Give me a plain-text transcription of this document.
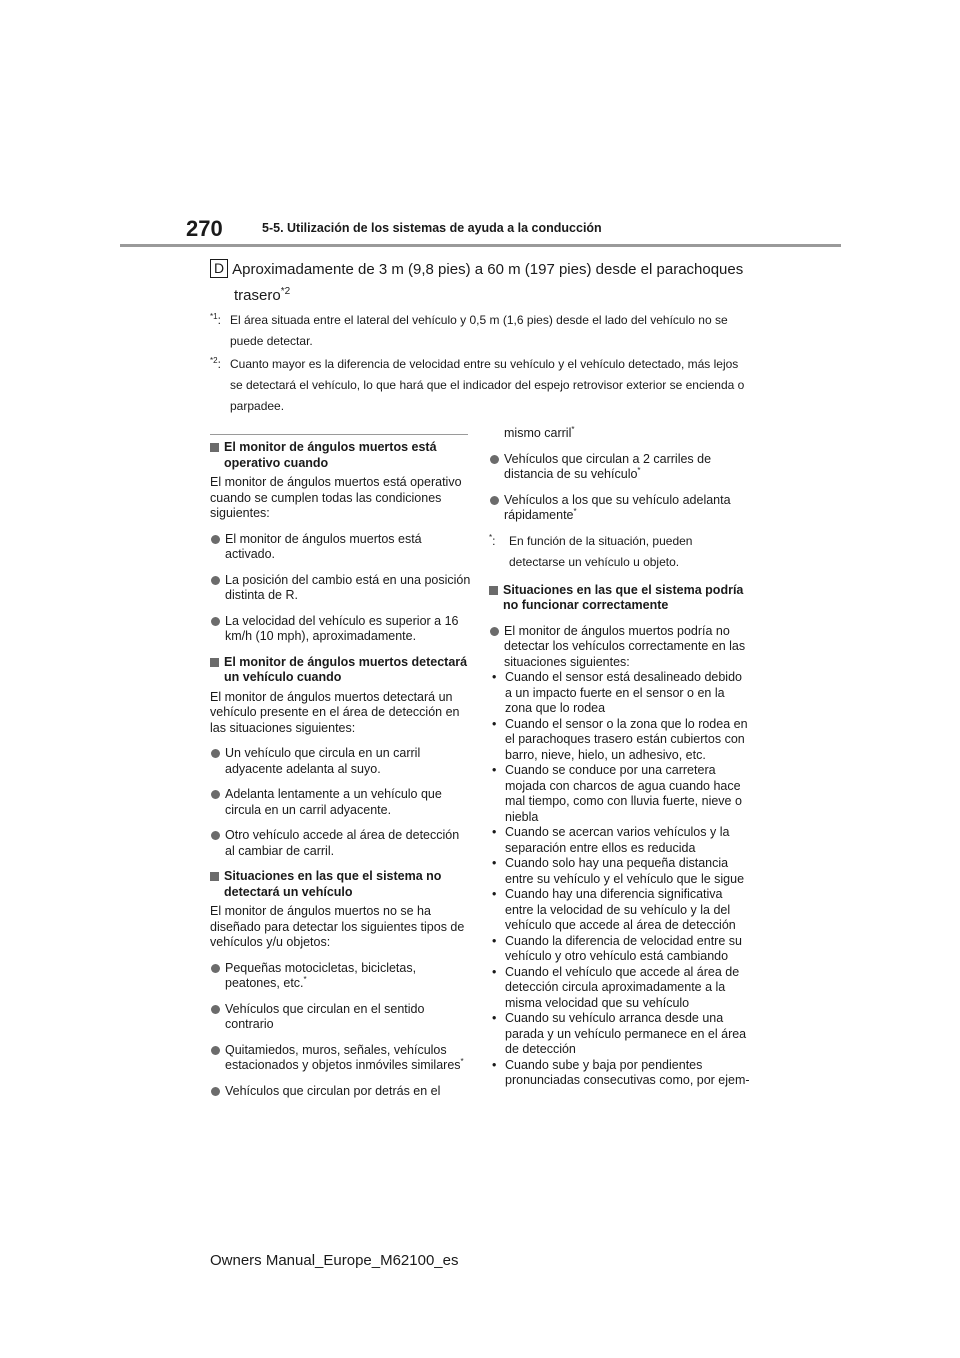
270	5-5. Utilización de los sistemas de ayuda a la conducción
D Aproximadamente de 3 m (9,8 pies) a 60 m (197 pies) desde el parachoques
trasero$^{*2}$
$^{*1}$: El área situada entre el lateral del vehículo y 0,5 m (1,6 pies) desde el lado del vehículo no se puede detectar.
$^{*2}$: Cuanto mayor es la diferencia de velocidad entre su vehículo y el vehículo detectado, más lejos se detectará el vehículo, lo que hará que el indicador del espejo retrovisor exterior se encienda o parpadee.

El monitor de ángulos muertos está operativo cuando

El monitor de ángulos muertos está operativo cuando se cumplen todas las condiciones siguientes:

El monitor de ángulos muertos está activado.

La posición del cambio está en una posición distinta de R.

La velocidad del vehículo es superior a 16 km/h (10 mph), aproximadamente.

El monitor de ángulos muertos detectará un vehículo cuando

El monitor de ángulos muertos detectará un vehículo presente en el área de detección en las situaciones siguientes:

Un vehículo que circula en un carril adyacente adelanta al suyo.

Adelanta lentamente a un vehículo que circula en un carril adyacente.

Otro vehículo accede al área de detección al cambiar de carril.

Situaciones en las que el sistema no detectará un vehículo

El monitor de ángulos muertos no se ha diseñado para detectar los siguientes tipos de vehículos y/u objetos:

Pequeñas motocicletas, bicicletas, peatones, etc.*

Vehículos que circulan en el sentido contrario

Quitamiedos, muros, señales, vehículos estacionados y objetos inmóviles similares*

Vehículos que circulan por detrás en el

mismo carril*

Vehículos que circulan a 2 carriles de distancia de su vehículo*

Vehículos a los que su vehículo adelanta rápidamente*

*: En función de la situación, pueden detectarse un vehículo u objeto.

Situaciones en las que el sistema podría no funcionar correctamente

El monitor de ángulos muertos podría no detectar los vehículos correctamente en las situaciones siguientes:

• Cuando el sensor está desalineado debido a un impacto fuerte en el sensor o en la zona que lo rodea

• Cuando el sensor o la zona que lo rodea en el parachoques trasero están cubiertos con barro, nieve, hielo, un adhesivo, etc.

• Cuando se conduce por una carretera mojada con charcos de agua cuando hace mal tiempo, como con lluvia fuerte, nieve o niebla

• Cuando se acercan varios vehículos y la separación entre ellos es reducida

• Cuando solo hay una pequeña distancia entre su vehículo y el vehículo que le sigue

• Cuando hay una diferencia significativa entre la velocidad de su vehículo y la del vehículo que accede al área de detección

• Cuando la diferencia de velocidad entre su vehículo y otro vehículo está cambiando

• Cuando el vehículo que accede al área de detección circula aproximadamente a la misma velocidad que su vehículo

• Cuando su vehículo arranca desde una parada y un vehículo permanece en el área de detección

• Cuando sube y baja por pendientes pronunciadas consecutivas como, por ejem-

Owners Manual_Europe_M62100_es
